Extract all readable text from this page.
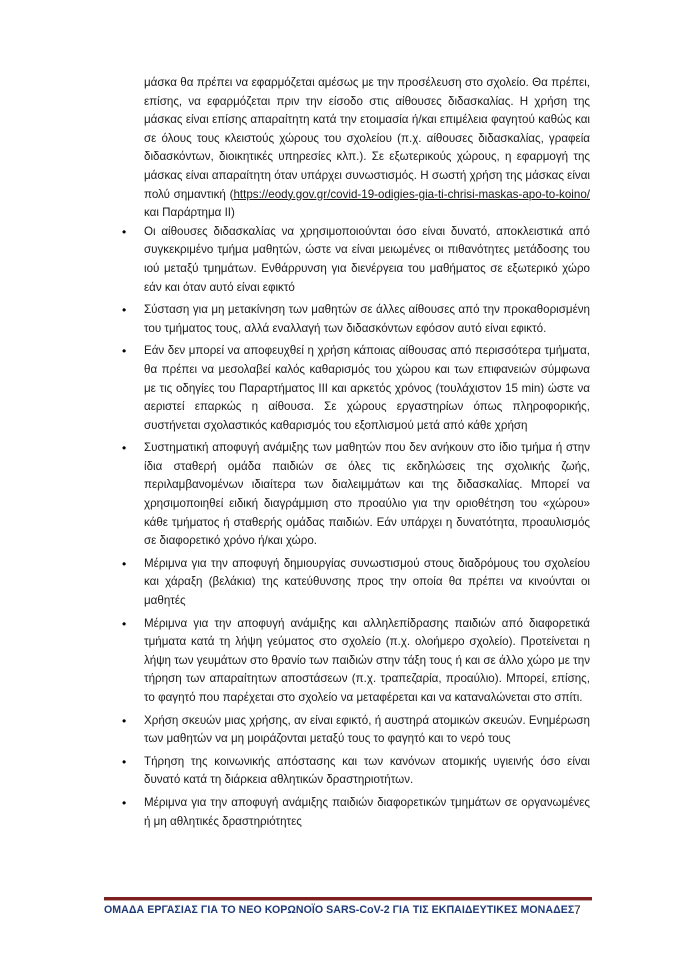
μάσκα θα πρέπει να εφαρμόζεται αμέσως με την προσέλευση στο σχολείο. Θα πρέπει, επίσης, να εφαρμόζεται πριν την είσοδο στις αίθουσες διδασκαλίας. Η χρήση της μάσκας είναι επίσης απαραίτητη κατά την ετοιμασία ή/και επιμέλεια φαγητού καθώς και σε όλους τους κλειστούς χώρους του σχολείου (π.χ. αίθουσες διδασκαλίας, γραφεία διδασκόντων, διοικητικές υπηρεσίες κλπ.). Σε εξωτερικούς χώρους, η εφαρμογή της μάσκας είναι απαραίτητη όταν υπάρχει συνωστισμός. Η σωστή χρήση της μάσκας είναι πολύ σημαντική (https://eody.gov.gr/covid-19-odigies-gia-ti-chrisi-maskas-apo-to-koino/ και Παράρτημα ΙΙ)

• Οι αίθουσες διδασκαλίας να χρησιμοποιούνται όσο είναι δυνατό, αποκλειστικά από συγκεκριμένο τμήμα μαθητών, ώστε να είναι μειωμένες οι πιθανότητες μετάδοσης του ιού μεταξύ τμημάτων. Ενθάρρυνση για διενέργεια του μαθήματος σε εξωτερικό χώρο εάν και όταν αυτό είναι εφικτό
• Σύσταση για μη μετακίνηση των μαθητών σε άλλες αίθουσες από την προκαθορισμένη του τμήματος τους, αλλά εναλλαγή των διδασκόντων εφόσον αυτό είναι εφικτό.
• Εάν δεν μπορεί να αποφευχθεί η χρήση κάποιας αίθουσας από περισσότερα τμήματα, θα πρέπει να μεσολαβεί καλός καθαρισμός του χώρου και των επιφανειών σύμφωνα με τις οδηγίες του Παραρτήματος ΙΙΙ και αρκετός χρόνος (τουλάχιστον 15 min) ώστε να αεριστεί επαρκώς η αίθουσα. Σε χώρους εργαστηρίων όπως πληροφορικής, συστήνεται σχολαστικός καθαρισμός του εξοπλισμού μετά από κάθε χρήση
• Συστηματική αποφυγή ανάμιξης των μαθητών που δεν ανήκουν στο ίδιο τμήμα ή στην ίδια σταθερή ομάδα παιδιών σε όλες τις εκδηλώσεις της σχολικής ζωής, περιλαμβανομένων ιδιαίτερα των διαλειμμάτων και της διδασκαλίας. Μπορεί να χρησιμοποιηθεί ειδική διαγράμμιση στο προαύλιο για την οριοθέτηση του «χώρου» κάθε τμήματος ή σταθερής ομάδας παιδιών. Εάν υπάρχει η δυνατότητα, προαυλισμός σε διαφορετικό χρόνο ή/και χώρο.
• Μέριμνα για την αποφυγή δημιουργίας συνωστισμού στους διαδρόμους του σχολείου και χάραξη (βελάκια) της κατεύθυνσης προς την οποία θα πρέπει να κινούνται οι μαθητές
• Μέριμνα για την αποφυγή ανάμιξης και αλληλεπίδρασης παιδιών από διαφορετικά τμήματα κατά τη λήψη γεύματος στο σχολείο (π.χ. ολοήμερο σχολείο). Προτείνεται η λήψη των γευμάτων στο θρανίο των παιδιών στην τάξη τους ή και σε άλλο χώρο με την τήρηση των απαραίτητων αποστάσεων (π.χ. τραπεζαρία, προαύλιο). Μπορεί, επίσης, το φαγητό που παρέχεται στο σχολείο να μεταφέρεται και να καταναλώνεται στο σπίτι.
• Χρήση σκευών μιας χρήσης, αν είναι εφικτό, ή αυστηρά ατομικών σκευών. Ενημέρωση των μαθητών να μη μοιράζονται μεταξύ τους το φαγητό και το νερό τους
• Τήρηση της κοινωνικής απόστασης και των κανόνων ατομικής υγιεινής όσο είναι δυνατό κατά τη διάρκεια αθλητικών δραστηριοτήτων.
• Μέριμνα για την αποφυγή ανάμιξης παιδιών διαφορετικών τμημάτων σε οργανωμένες ή μη αθλητικές δραστηριότητες
ΟΜΑΔΑ ΕΡΓΑΣΙΑΣ ΓΙΑ ΤΟ ΝΕΟ ΚΟΡΩΝΟΪΟ SARS-CoV-2 ΓΙΑ ΤΙΣ ΕΚΠΑΙΔΕΥΤΙΚΕΣ ΜΟΝΑΔΕΣ 7
